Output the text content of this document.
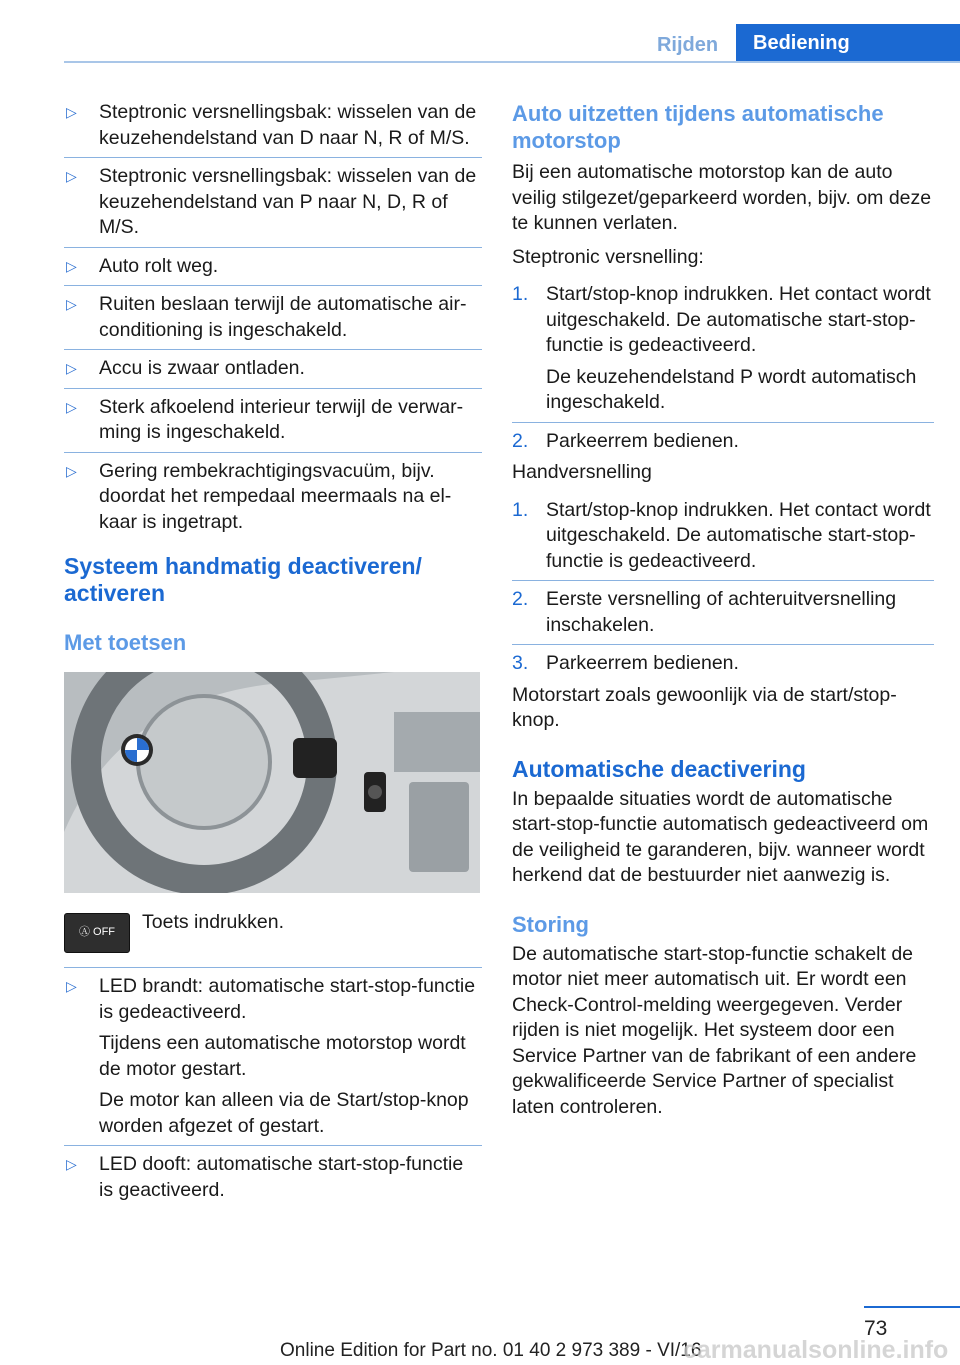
Rijden	Bediening
▷ Steptronic versnellingsbak: wisselen van de keuzehendelstand van D naar N, R of M/S.
▷ Steptronic versnellingsbak: wisselen van de keuzehendelstand van P naar N, D, R of M/S.
▷ Auto rolt weg.
▷ Ruiten beslaan terwijl de automatische airconditioning is ingeschakeld.
▷ Accu is zwaar ontladen.
▷ Sterk afkoelend interieur terwijl de verwarming is ingeschakeld.
▷ Gering rembekrachtigingsvacuüm, bijv. doordat het rempedaal meermaals na elkaar is ingetrapt.
Systeem handmatig deactiveren/ activeren
Met toetsen
Ⓐ OFF Toets indrukken.
▷ LED brandt: automatische start-stop-functie is gedeactiveerd.
Tijdens een automatische motorstop wordt de motor gestart.
De motor kan alleen via de Start/stop-knop worden afgezet of gestart.
▷ LED dooft: automatische start-stop-functie is geactiveerd.
Auto uitzetten tijdens automatische motorstop

Bij een automatische motorstop kan de auto veilig stilgezet/geparkeerd worden, bijv. om deze te kunnen verlaten.

Steptronic versnelling:

1. Start/stop-knop indrukken. Het contact wordt uitgeschakeld. De automatische start-stop-functie is gedeactiveerd.
De keuzehendelstand P wordt automatisch ingeschakeld.
2. Parkeerrem bedienen.

Handversnelling

1. Start/stop-knop indrukken. Het contact wordt uitgeschakeld. De automatische start-stop-functie is gedeactiveerd.
2. Eerste versnelling of achteruitversnelling inschakelen.
3. Parkeerrem bedienen.

Motorstart zoals gewoonlijk via de start/stop-knop.

Automatische deactivering

In bepaalde situaties wordt de automatische start-stop-functie automatisch gedeactiveerd om de veiligheid te garanderen, bijv. wanneer wordt herkend dat de bestuurder niet aanwezig is.

Storing

De automatische start-stop-functie schakelt de motor niet meer automatisch uit. Er wordt een Check-Control-melding weergegeven. Verder rijden is niet mogelijk. Het systeem door een Service Partner van de fabrikant of een andere gekwalificeerde Service Partner of specialist laten controleren.

73
Online Edition for Part no. 01 40 2 973 389 - VI/16
carmanualsonline.info
